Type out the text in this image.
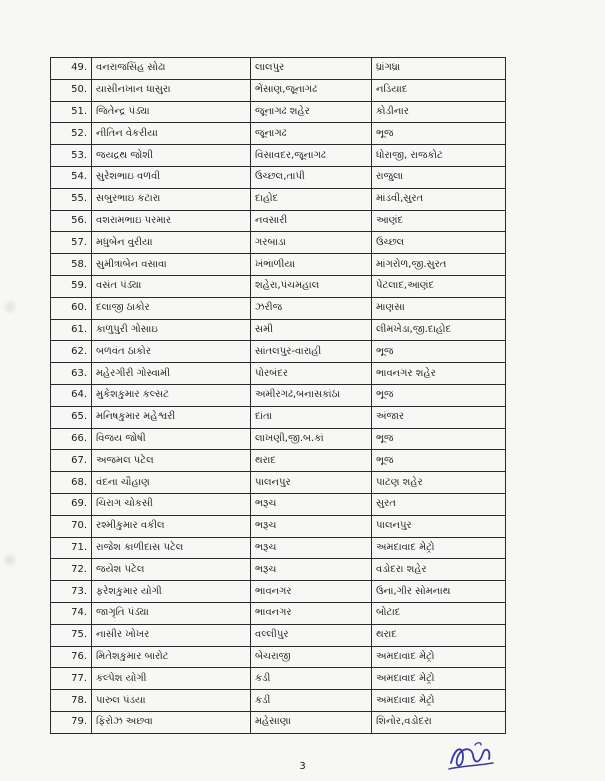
49.	વનરાજસિંહ સોઢા	લાલપુર	ધ્રાંગધ્રા
50.	યાસીનખાન ધાસુરા	ભેંસાણ,જૂનાગઢ	નડિયાદ
51.	જિતેન્દ્ર પંડ્યા	જૂનાગઢ શહેર	કોડીનાર
52.	નીતિન વેકરીયા	જૂનાગઢ	ભૂજ
53.	જયદ્રથ જોશી	વિસાવદર,જૂનાગઢ	ધોરાજી, રાજકોટ
54.	સુરેશભાઇ વળવી	ઉચ્છલ,તાપી	રાજુલા
55.	સબુરભાઇ કટારા	દાહોદ	માંડવી,સુરત
56.	વશરામભાઇ પરમાર	નવસારી	આણંદ
57.	મધુબેન વુરીયા	ગરબાડા	ઉચ્છલ
58.	સુમીત્રાબેન વસાવા	ખંભાળીયા	માંગરોળ,જી.સુરત
59.	વસંત પંડ્યા	શહેરા,પંચમહાલ	પેટલાદ,આણંદ
60.	દલાજી ઠાકોર	ઝરીજ	માણસા
61.	કાળુપુરી ગોસાઇ	સમી	લીમખેડા,જી.દાહોદ
62.	બળવંત ઠાકોર	સાંતલપુર-વારાહી	ભૂજ
63.	મહેરગીરી ગોસ્વામી	પોરબંદર	ભાવનગર શહેર
64.	મુકેશકુમાર કલ્સટ	અમીરગઢ,બનાસકાંઠા	ભૂજ
65.	મનિષકુમાર મહેશ્વરી	દાંતા	અંજાર
66.	વિજય જોષી	લાખણી,જી.બ.કાં	ભૂજ
67.	અજમલ પટેલ	થરાદ	ભૂજ
68.	વંદના ચૌહાણ	પાલનપુર	પાટણ શહેર
69.	ચિરાગ ચોકસી	ભરૂચ	સુરત
70.	રશ્મીકુમાર વકીલ	ભરૂચ	પાલનપુર
71.	રાજેશ કાળીદાસ પટેલ	ભરૂચ	અમદાવાદ મેટ્રો
72.	જયેશ પટેલ	ભરૂચ	વડોદરા શહેર
73.	ફરેશકુમાર યોગી	ભાવનગર	ઉના,ગીર સોમનાથ
74.	જાગૃતિ પંડ્યા	ભાવનગર	બોટાદ
75.	નાસીર ખોખર	વલ્લીપુર	થરાદ
76.	મિતેશકુમાર બારોટ	બેચરાજી	અમદાવાદ મેટ્રો
77.	કલ્પેશ યોગી	કડી	અમદાવાદ મેટ્રો
78.	પારુલ પંડયા	કડી	અમદાવાદ મેટ્રો
79.	ફિરોઝ અછવા	મહેસાણા	શિનોર,વડોદરા
3
